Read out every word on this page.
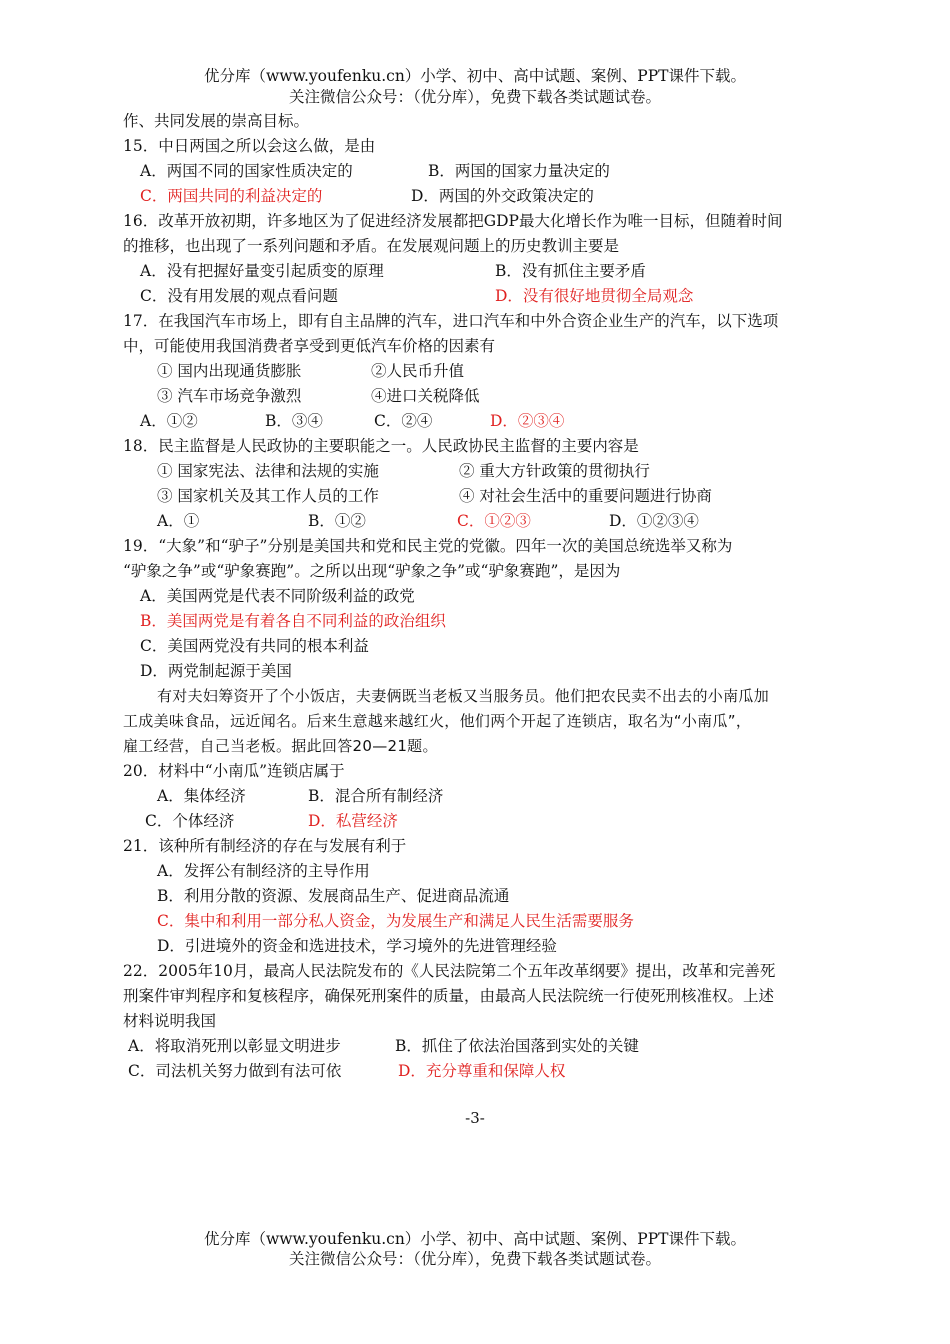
优分库（www.youfenku.cn）小学、初中、高中试题、案例、PPT课件下载。
关注微信公众号：（优分库），免费下载各类试题试卷。
作、共同发展的崇高目标。
15．中日两国之所以会这么做，是由
A．两国不同的国家性质决定的	B．两国的国家力量决定的
C．两国共同的利益决定的	D．两国的外交政策决定的
16．改革开放初期，许多地区为了促进经济发展都把GDP最大化增长作为唯一目标，但随着时间
的推移，也出现了一系列问题和矛盾。在发展观问题上的历史教训主要是
A．没有把握好量变引起质变的原理	B．没有抓住主要矛盾
C．没有用发展的观点看问题	D．没有很好地贯彻全局观念
17．在我国汽车市场上，即有自主品牌的汽车，进口汽车和中外合资企业生产的汽车，以下选项
中，可能使用我国消费者享受到更低汽车价格的因素有
① 国内出现通货膨胀	②人民币升值
③ 汽车市场竞争激烈	④进口关税降低
A．①②	B．③④	C．②④	D．②③④
18．民主监督是人民政协的主要职能之一。人民政协民主监督的主要内容是
① 国家宪法、法律和法规的实施	② 重大方针政策的贯彻执行
③ 国家机关及其工作人员的工作	④ 对社会生活中的重要问题进行协商
A．①	B．①②	C．①②③	D．①②③④
19．“大象”和“驴子”分别是美国共和党和民主党的党徽。四年一次的美国总统选举又称为
“驴象之争”或“驴象赛跑”。之所以出现“驴象之争”或“驴象赛跑”，是因为
A．美国两党是代表不同阶级利益的政党
B．美国两党是有着各自不同利益的政治组织
C．美国两党没有共同的根本利益
D．两党制起源于美国
有对夫妇筹资开了个小饭店，夫妻俩既当老板又当服务员。他们把农民卖不出去的小南瓜加
工成美味食品，远近闻名。后来生意越来越红火，他们两个开起了连锁店，取名为“小南瓜”，
雇工经营，自己当老板。据此回答20—21题。
20．材料中“小南瓜”连锁店属于
A．集体经济	B．混合所有制经济
C．个体经济	D．私营经济
21．该种所有制经济的存在与发展有利于
A．发挥公有制经济的主导作用
B．利用分散的资源、发展商品生产、促进商品流通
C．集中和利用一部分私人资金，为发展生产和满足人民生活需要服务
D．引进境外的资金和选进技术，学习境外的先进管理经验
22．2005年10月，最高人民法院发布的《人民法院第二个五年改革纲要》提出，改革和完善死
刑案件审判程序和复核程序，确保死刑案件的质量，由最高人民法院统一行使死刑核准权。上述
材料说明我国
A．将取消死刑以彰显文明进步	B．抓住了依法治国落到实处的关键
C．司法机关努力做到有法可依	D．充分尊重和保障人权
-3-
优分库（www.youfenku.cn）小学、初中、高中试题、案例、PPT课件下载。
关注微信公众号：（优分库），免费下载各类试题试卷。
